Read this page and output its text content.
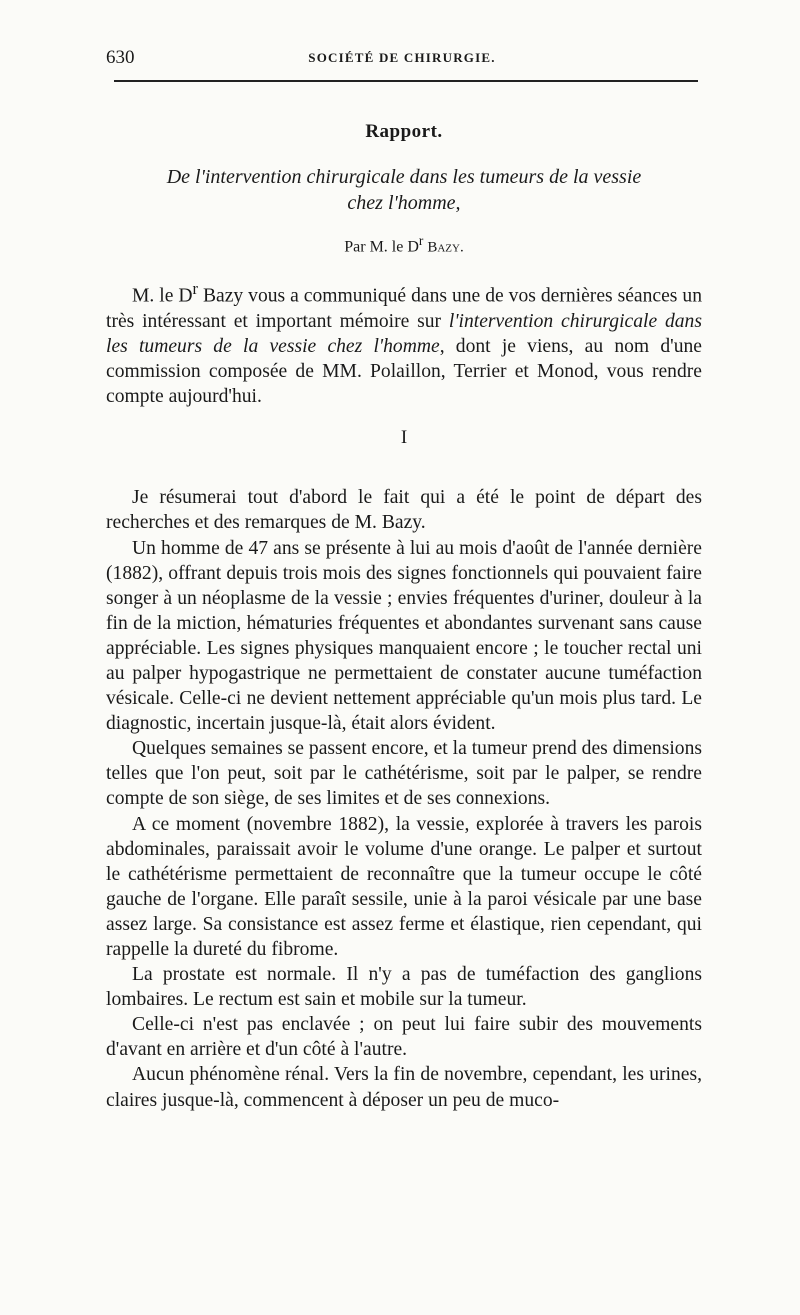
630	SOCIÉTÉ DE CHIRURGIE.
Rapport.

De l'intervention chirurgicale dans les tumeurs de la vessie
chez l'homme,

Par M. le $D^r$ Bazy.

M. le $D^r$ Bazy vous a communiqué dans une de vos dernières séances un très intéressant et important mémoire sur l'intervention chirurgicale dans les tumeurs de la vessie chez l'homme, dont je viens, au nom d'une commission composée de MM. Polaillon, Terrier et Monod, vous rendre compte aujourd'hui.

I

Je résumerai tout d'abord le fait qui a été le point de départ des recherches et des remarques de M. Bazy.

Un homme de 47 ans se présente à lui au mois d'août de l'année dernière (1882), offrant depuis trois mois des signes fonctionnels qui pouvaient faire songer à un néoplasme de la vessie ; envies fréquentes d'uriner, douleur à la fin de la miction, hématuries fréquentes et abondantes survenant sans cause appréciable. Les signes physiques manquaient encore ; le toucher rectal uni au palper hypogastrique ne permettaient de constater aucune tuméfaction vésicale. Celle-ci ne devient nettement appréciable qu'un mois plus tard. Le diagnostic, incertain jusque-là, était alors évident.

Quelques semaines se passent encore, et la tumeur prend des dimensions telles que l'on peut, soit par le cathétérisme, soit par le palper, se rendre compte de son siège, de ses limites et de ses connexions.

A ce moment (novembre 1882), la vessie, explorée à travers les parois abdominales, paraissait avoir le volume d'une orange. Le palper et surtout le cathétérisme permettaient de reconnaître que la tumeur occupe le côté gauche de l'organe. Elle paraît sessile, unie à la paroi vésicale par une base assez large. Sa consistance est assez ferme et élastique, rien cependant, qui rappelle la dureté du fibrome.

La prostate est normale. Il n'y a pas de tuméfaction des ganglions lombaires. Le rectum est sain et mobile sur la tumeur.

Celle-ci n'est pas enclavée ; on peut lui faire subir des mouvements d'avant en arrière et d'un côté à l'autre.

Aucun phénomène rénal. Vers la fin de novembre, cependant, les urines, claires jusque-là, commencent à déposer un peu de muco-
